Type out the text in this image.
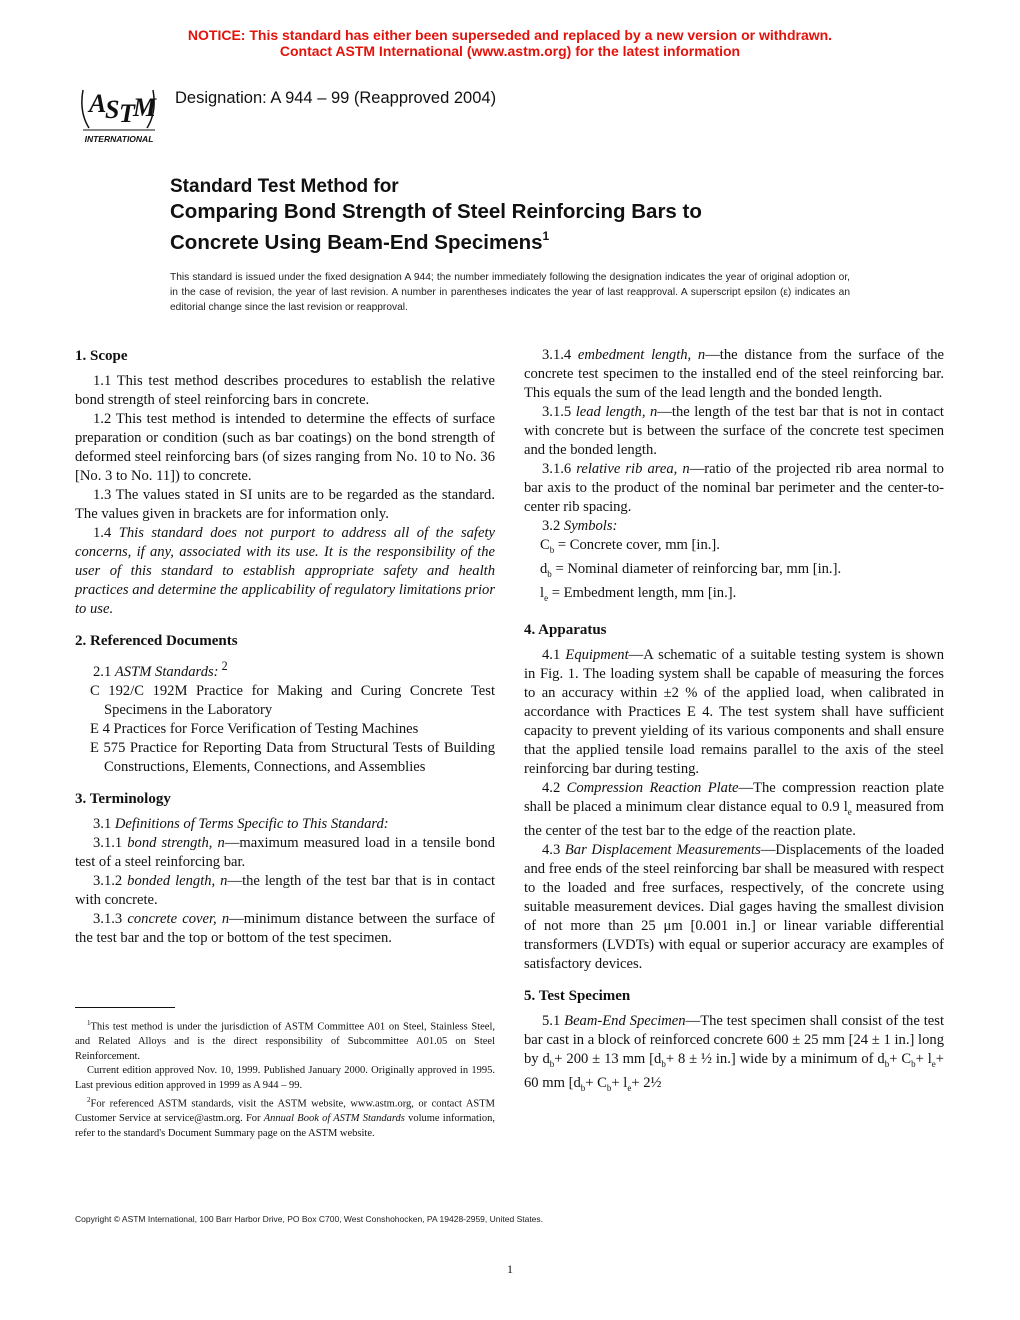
NOTICE: This standard has either been superseded and replaced by a new version or withdrawn.
Contact ASTM International (www.astm.org) for the latest information
A
S T
M
INTERNATIONAL
Designation: A 944 – 99 (Reapproved 2004)
Standard Test Method for
Comparing Bond Strength of Steel Reinforcing Bars to
Concrete Using Beam-End Specimens$^1$
This standard is issued under the fixed designation A 944; the number immediately following the designation indicates the year of original adoption or, in the case of revision, the year of last revision. A number in parentheses indicates the year of last reapproval. A superscript epsilon (ε) indicates an editorial change since the last revision or reapproval.
1. Scope

1.1 This test method describes procedures to establish the relative bond strength of steel reinforcing bars in concrete.

1.2 This test method is intended to determine the effects of surface preparation or condition (such as bar coatings) on the bond strength of deformed steel reinforcing bars (of sizes ranging from No. 10 to No. 36 [No. 3 to No. 11]) to concrete.

1.3 The values stated in SI units are to be regarded as the standard. The values given in brackets are for information only.

1.4 This standard does not purport to address all of the safety concerns, if any, associated with its use. It is the responsibility of the user of this standard to establish appropriate safety and health practices and determine the applicability of regulatory limitations prior to use.

2. Referenced Documents

2.1 ASTM Standards: $^2$

C 192/C 192M Practice for Making and Curing Concrete Test Specimens in the Laboratory

E 4 Practices for Force Verification of Testing Machines

E 575 Practice for Reporting Data from Structural Tests of Building Constructions, Elements, Connections, and Assemblies

3. Terminology

3.1 Definitions of Terms Specific to This Standard:

3.1.1 bond strength, n—maximum measured load in a tensile bond test of a steel reinforcing bar.

3.1.2 bonded length, n—the length of the test bar that is in contact with concrete.

3.1.3 concrete cover, n—minimum distance between the surface of the test bar and the top or bottom of the test specimen.

$^1$This test method is under the jurisdiction of ASTM Committee A01 on Steel, Stainless Steel, and Related Alloys and is the direct responsibility of Subcommittee A01.05 on Steel Reinforcement.

Current edition approved Nov. 10, 1999. Published January 2000. Originally approved in 1995. Last previous edition approved in 1999 as A 944 – 99.

$^2$For referenced ASTM standards, visit the ASTM website, www.astm.org, or contact ASTM Customer Service at service@astm.org. For Annual Book of ASTM Standards volume information, refer to the standard's Document Summary page on the ASTM website.

3.1.4 embedment length, n—the distance from the surface of the concrete test specimen to the installed end of the steel reinforcing bar. This equals the sum of the lead length and the bonded length.

3.1.5 lead length, n—the length of the test bar that is not in contact with concrete but is between the surface of the concrete test specimen and the bonded length.

3.1.6 relative rib area, n—ratio of the projected rib area normal to bar axis to the product of the nominal bar perimeter and the center-to-center rib spacing.

3.2 Symbols:

$C_b$ = Concrete cover, mm [in.].

$d_b$ = Nominal diameter of reinforcing bar, mm [in.].

$l_e$ = Embedment length, mm [in.].

4. Apparatus

4.1 Equipment—A schematic of a suitable testing system is shown in Fig. 1. The loading system shall be capable of measuring the forces to an accuracy within ±2 % of the applied load, when calibrated in accordance with Practices E 4. The test system shall have sufficient capacity to prevent yielding of its various components and shall ensure that the applied tensile load remains parallel to the axis of the steel reinforcing bar during testing.

4.2 Compression Reaction Plate—The compression reaction plate shall be placed a minimum clear distance equal to 0.9 $l_e$ measured from the center of the test bar to the edge of the reaction plate.

4.3 Bar Displacement Measurements—Displacements of the loaded and free ends of the steel reinforcing bar shall be measured with respect to the loaded and free surfaces, respectively, of the concrete using suitable measurement devices. Dial gages having the smallest division of not more than 25 μm [0.001 in.] or linear variable differential transformers (LVDTs) with equal or superior accuracy are examples of satisfactory devices.

5. Test Specimen

5.1 Beam-End Specimen—The test specimen shall consist of the test bar cast in a block of reinforced concrete 600 ± 25 mm [24 ± 1 in.] long by $d_b+ 200 \pm 13$ mm [$d_b+ 8$ ± ½ in.] wide by a minimum of $d_b+ C_b+ l_e+ 60$ mm [$d_b+ C_b+ l_e+$ 2½

Copyright © ASTM International, 100 Barr Harbor Drive, PO Box C700, West Conshohocken, PA 19428-2959, United States.
1
